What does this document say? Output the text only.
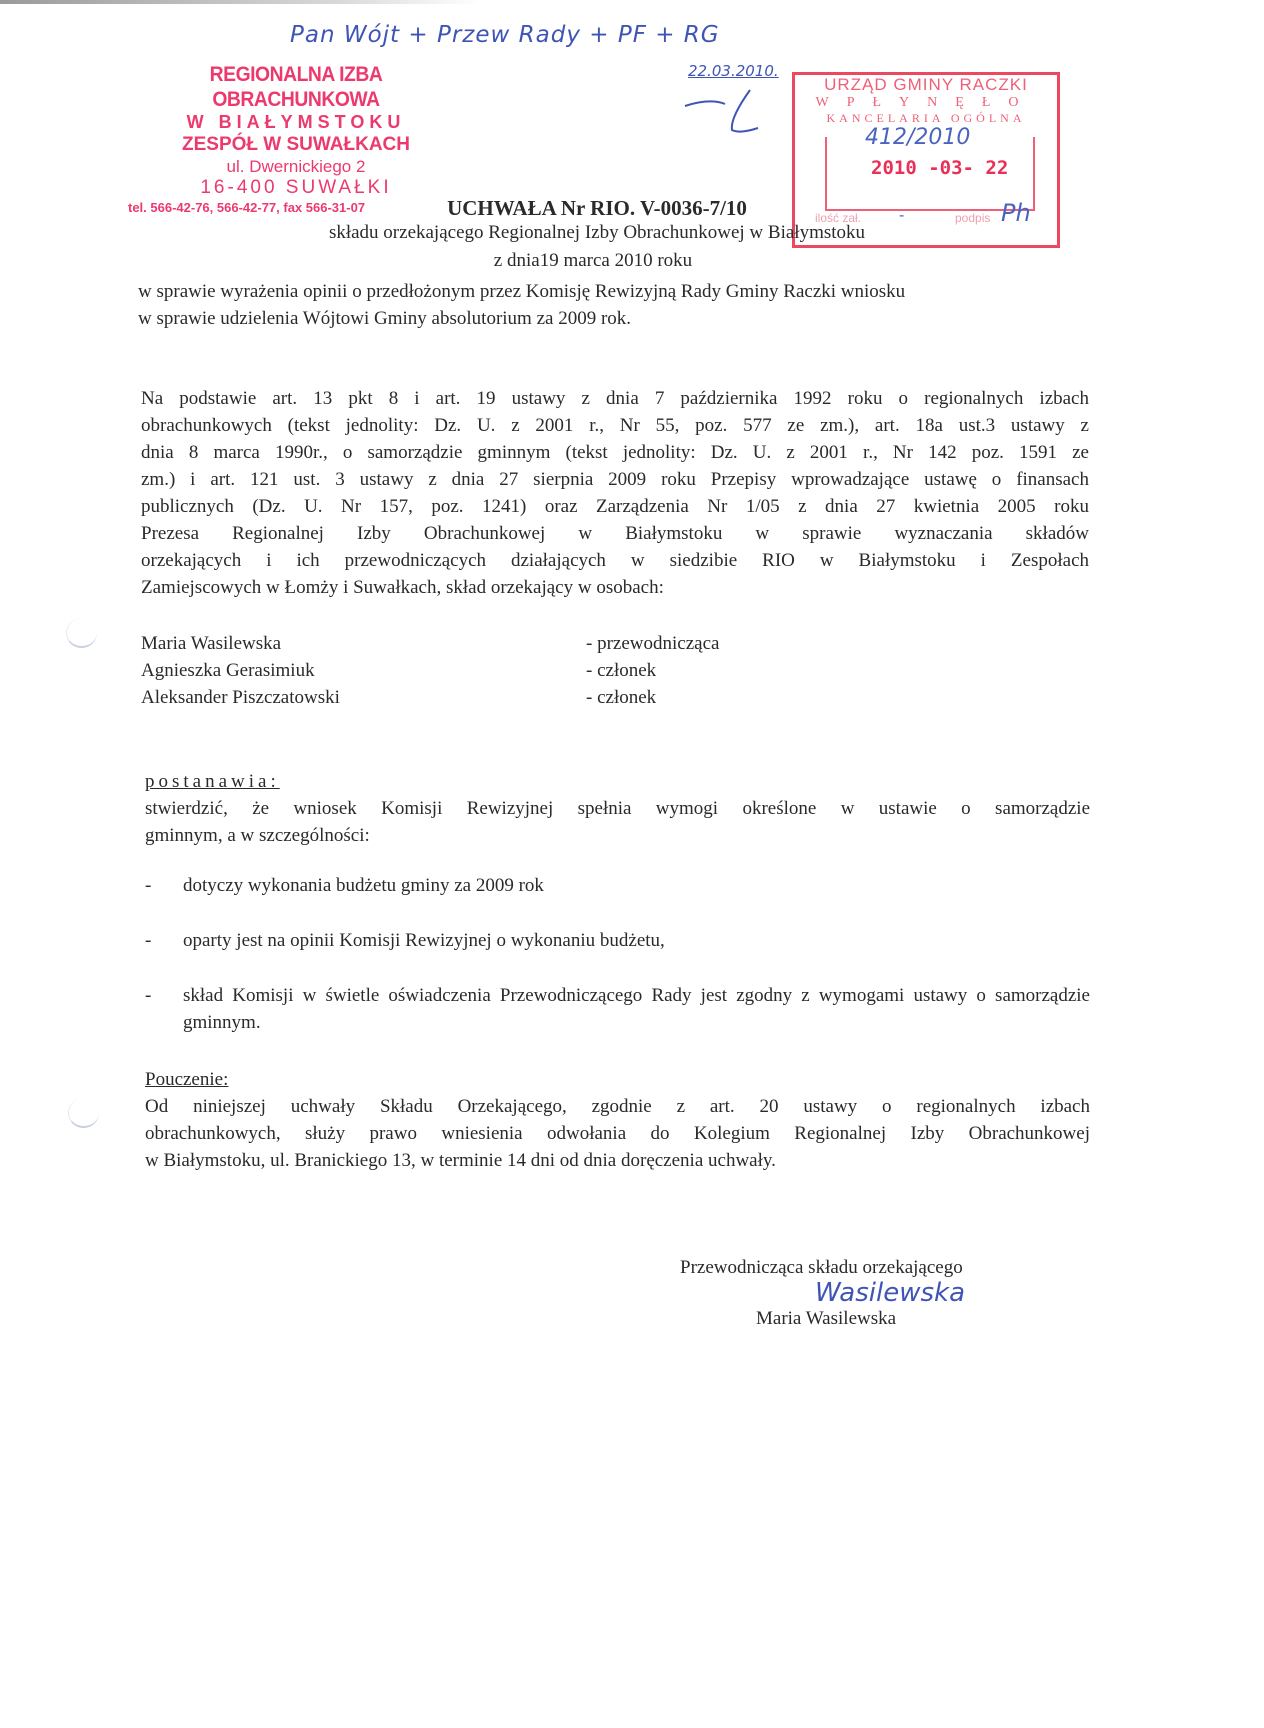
Pan Wójt + Przew Rady + PF + RG
22.03.2010.
REGIONALNA IZBA OBRACHUNKOWA
W BIAŁYMSTOKU
ZESPÓŁ W SUWAŁKACH
ul. Dwernickiego 2
16-400 SUWAŁKI
tel. 566-42-76, 566-42-77, fax 566-31-07
URZĄD GMINY RACZKI
WPŁYNĘŁO
KANCELARIA OGÓLNA
412/2010
2010 -03- 22
ilość zał. -	podpis Ph
UCHWAŁA Nr RIO. V-0036-7/10
składu orzekającego Regionalnej Izby Obrachunkowej w Białymstoku
z dnia19 marca 2010 roku
w sprawie wyrażenia opinii o przedłożonym przez Komisję Rewizyjną Rady Gminy Raczki wniosku
w sprawie udzielenia Wójtowi Gminy absolutorium za 2009 rok.

Na podstawie art. 13 pkt 8 i art. 19 ustawy z dnia 7 października 1992 roku o regionalnych izbach

obrachunkowych (tekst jednolity: Dz. U. z 2001 r., Nr 55, poz. 577 ze zm.), art. 18a ust.3 ustawy z

dnia 8 marca 1990r., o samorządzie gminnym (tekst jednolity: Dz. U. z 2001 r., Nr 142 poz. 1591 ze

zm.) i art. 121 ust. 3 ustawy z dnia 27 sierpnia 2009 roku Przepisy wprowadzające ustawę o finansach

publicznych (Dz. U. Nr 157, poz. 1241) oraz Zarządzenia Nr 1/05 z dnia 27 kwietnia 2005 roku

Prezesa Regionalnej Izby Obrachunkowej w Białymstoku w sprawie wyznaczania składów

orzekających i ich przewodniczących działających w siedzibie RIO w Białymstoku i Zespołach

Zamiejscowych w Łomży i Suwałkach, skład orzekający w osobach:

Maria Wasilewska	- przewodnicząca
Agnieszka Gerasimiuk	- członek
Aleksander Piszczatowski	- członek
postanawia:
stwierdzić, że wniosek Komisji Rewizyjnej spełnia wymogi określone w ustawie o samorządzie
gminnym, a w szczególności:
-	dotyczy wykonania budżetu gminy za 2009 rok
-	oparty jest na opinii Komisji Rewizyjnej o wykonaniu budżetu,
-	skład Komisji w świetle oświadczenia Przewodniczącego Rady jest zgodny z wymogami ustawy o samorządzie gminnym.
Pouczenie:
Od niniejszej uchwały Składu Orzekającego, zgodnie z art. 20 ustawy o regionalnych izbach
obrachunkowych, służy prawo wniesienia odwołania do Kolegium Regionalnej Izby Obrachunkowej
w Białymstoku, ul. Branickiego 13, w terminie 14 dni od dnia doręczenia uchwały.
Przewodnicząca składu orzekającego
Wasilewska
Maria Wasilewska
